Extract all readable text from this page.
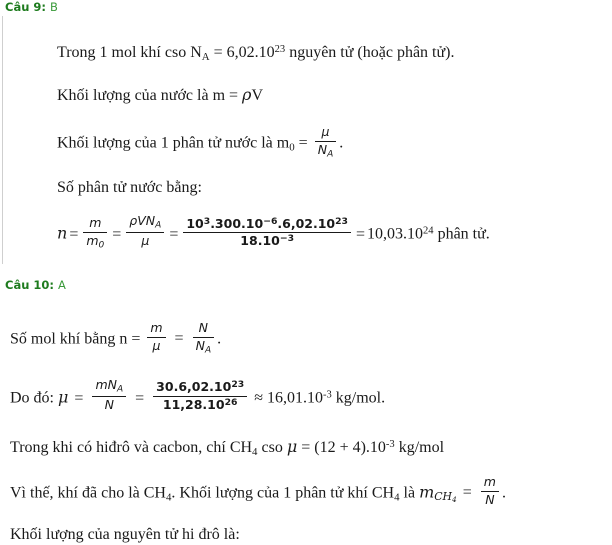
Câu 9: B
Trong 1 mol khí cso $N_A = 6,02.10^{23}$ nguyên tử (hoặc phân tử).
Khối lượng của nước là m = ρV
Khối lượng của 1 phân tử nước là $m_0 = \frac{\mu}{N_A}$ .
Số phân tử nước bằng:
$n = \frac{m}{m_0} = \frac{\rho VN_A}{\mu} = \frac{10^3.300.10^{-6}.6,02.10^{23}}{18.10^{-3}} = 10,03.10^{24}$ phân tử.
Câu 10: A
Số mol khí bằng $n = \frac{m}{\mu} = \frac{N}{N_A}$ .
Do đó: $\mu = \frac{mN_A}{N} = \frac{30.6,02.10^{23}}{11,28.10^{26}} \approx 16,01.10^{-3}$ kg/mol.
Trong khi có hiđrô và cacbon, chí $CH_4$ cso $\mu = (12 + 4).10^{-3}$ kg/mol
Vì thế, khí đã cho là $CH_4$. Khối lượng của 1 phân tử khí $CH_4$ là $m_{CH_4} = \frac{m}{N}$ .
Khối lượng của nguyên tử hi đrô là:
